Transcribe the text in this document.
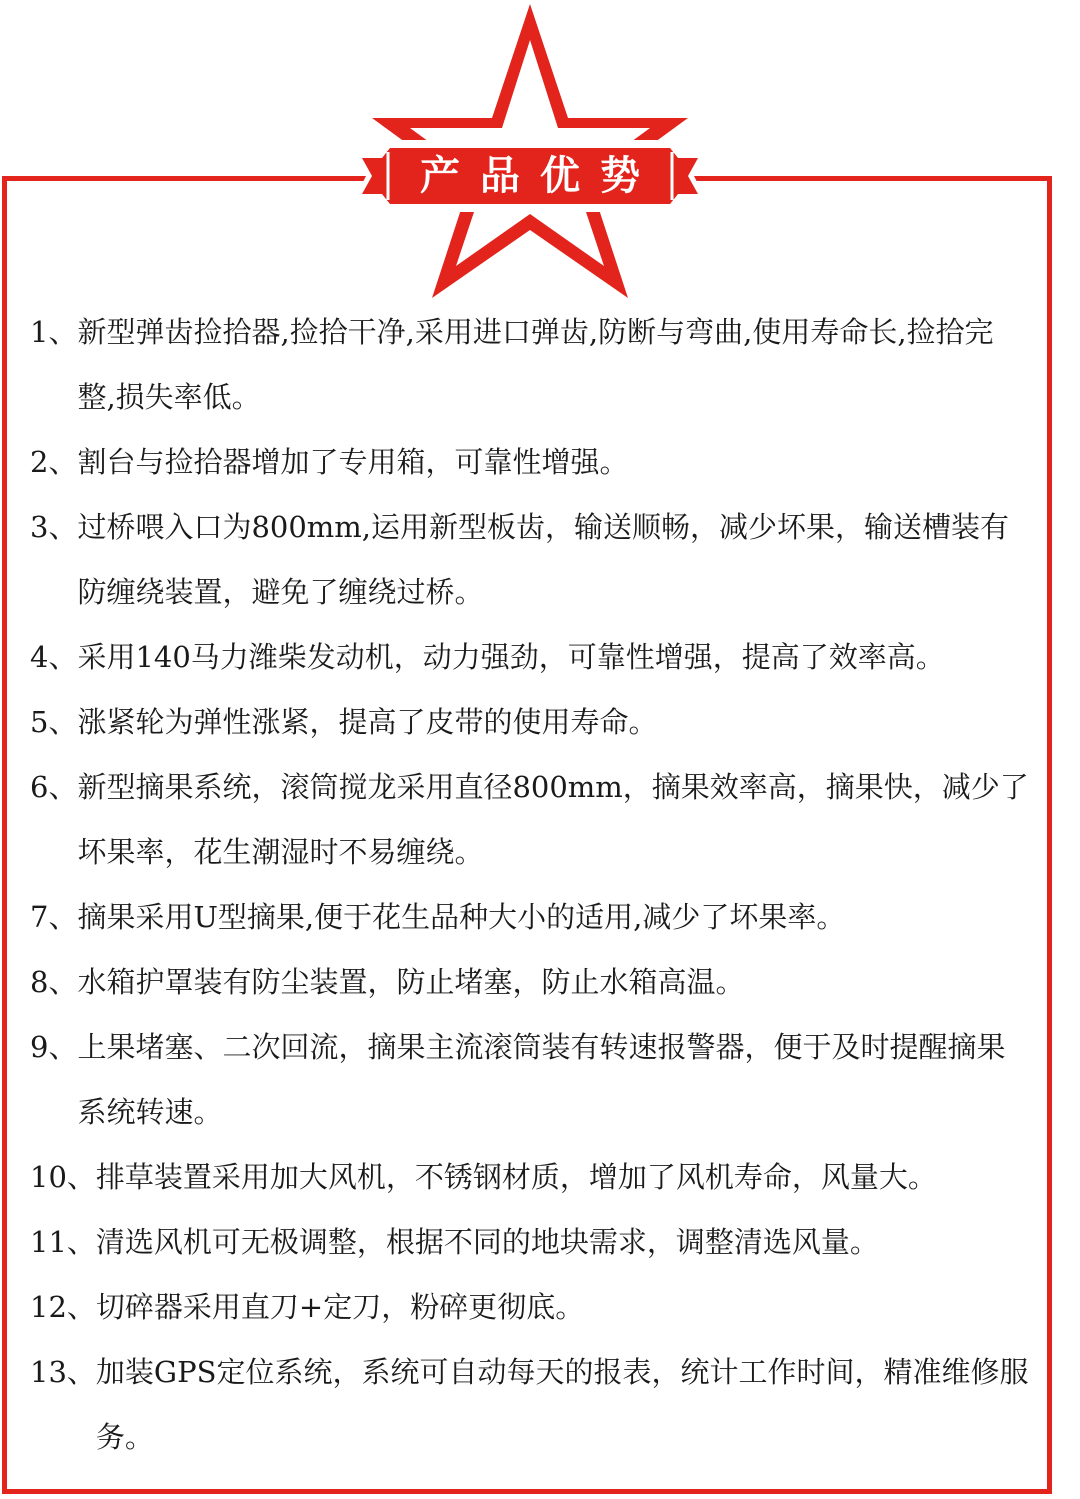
产品优势
1、 新型弹齿捡拾器,捡拾干净,采用进口弹齿,防断与弯曲,使用寿命长,捡拾完整,损失率低。
2、 割台与捡拾器增加了专用箱，可靠性增强。
3、 过桥喂入口为800mm,运用新型板齿，输送顺畅，减少坏果，输送槽装有防缠绕装置，避免了缠绕过桥。
4、 采用140马力潍柴发动机，动力强劲，可靠性增强，提高了效率高。
5、 涨紧轮为弹性涨紧，提高了皮带的使用寿命。
6、 新型摘果系统，滚筒搅龙采用直径800mm，摘果效率高，摘果快，减少了坏果率，花生潮湿时不易缠绕。
7、 摘果采用U型摘果,便于花生品种大小的适用,减少了坏果率。
8、 水箱护罩装有防尘装置，防止堵塞，防止水箱高温。
9、 上果堵塞、二次回流，摘果主流滚筒装有转速报警器，便于及时提醒摘果系统转速。
10、 排草装置采用加大风机，不锈钢材质，增加了风机寿命，风量大。
11、 清选风机可无极调整，根据不同的地块需求，调整清选风量。
12、 切碎器采用直刀+定刀，粉碎更彻底。
13、 加装GPS定位系统，系统可自动每天的报表，统计工作时间，精准维修服务。
